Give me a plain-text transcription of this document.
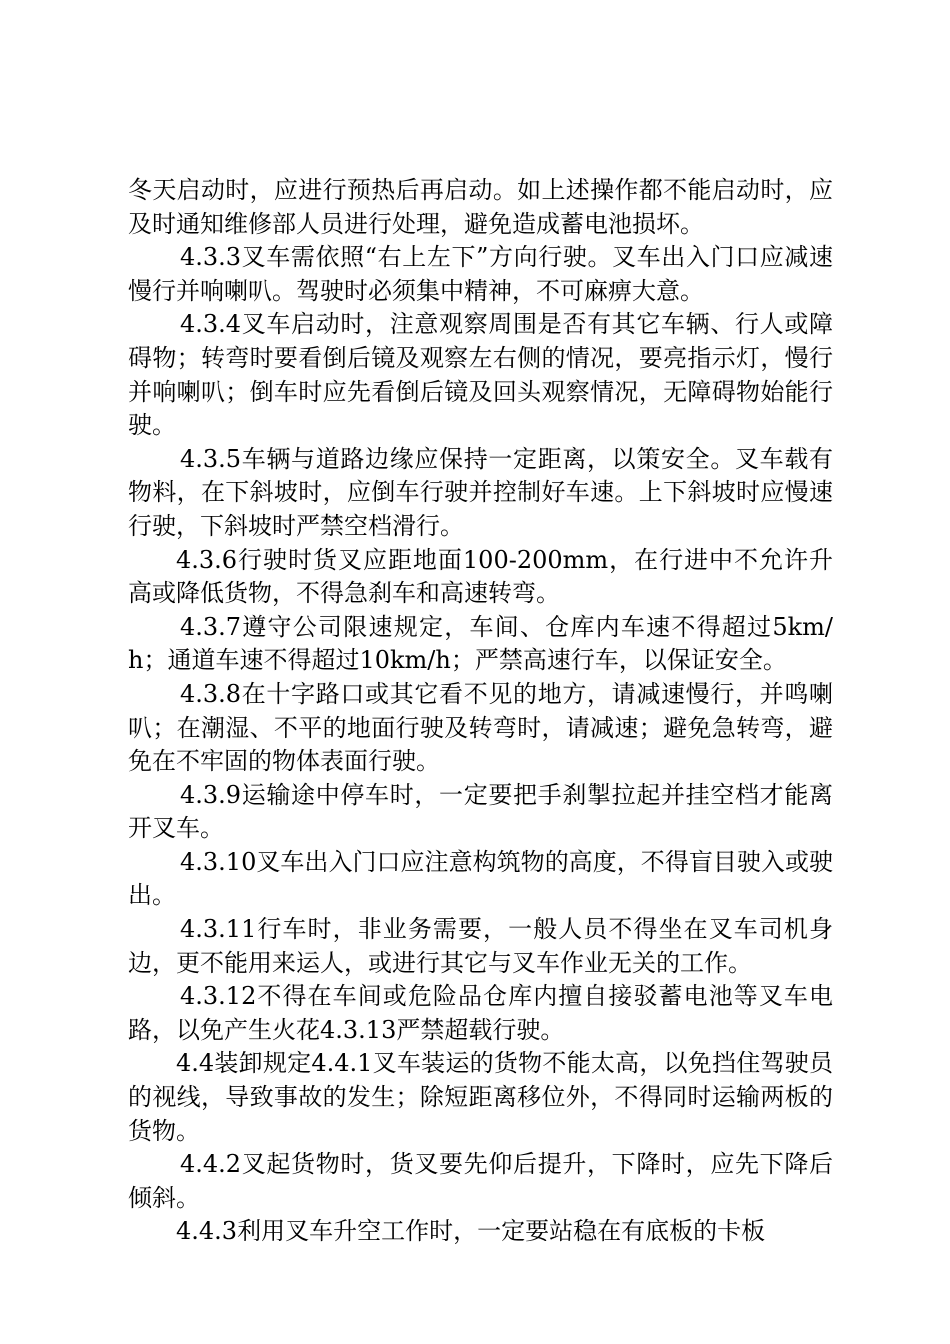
冬天启动时，应进行预热后再启动。如上述操作都不能启动时，应及时通知维修部人员进行处理，避免造成蓄电池损坏。

4.3.3叉车需依照“右上左下”方向行驶。叉车出入门口应减速慢行并响喇叭。驾驶时必须集中精神，不可麻痹大意。

4.3.4叉车启动时，注意观察周围是否有其它车辆、行人或障碍物；转弯时要看倒后镜及观察左右侧的情况，要亮指示灯，慢行并响喇叭；倒车时应先看倒后镜及回头观察情况，无障碍物始能行驶。

4.3.5车辆与道路边缘应保持一定距离，以策安全。叉车载有物料，在下斜坡时，应倒车行驶并控制好车速。上下斜坡时应慢速行驶，下斜坡时严禁空档滑行。

4.3.6行驶时货叉应距地面100-200mm，在行进中不允许升高或降低货物，不得急刹车和高速转弯。

4.3.7遵守公司限速规定，车间、仓库内车速不得超过5km/h；通道车速不得超过10km/h；严禁高速行车，以保证安全。

4.3.8在十字路口或其它看不见的地方，请减速慢行，并鸣喇叭；在潮湿、不平的地面行驶及转弯时，请减速；避免急转弯，避免在不牢固的物体表面行驶。

4.3.9运输途中停车时，一定要把手刹掣拉起并挂空档才能离开叉车。

4.3.10叉车出入门口应注意构筑物的高度，不得盲目驶入或驶出。

4.3.11行车时，非业务需要，一般人员不得坐在叉车司机身边，更不能用来运人，或进行其它与叉车作业无关的工作。

4.3.12不得在车间或危险品仓库内擅自接驳蓄电池等叉车电路，以免产生火花4.3.13严禁超载行驶。

4.4装卸规定4.4.1叉车装运的货物不能太高，以免挡住驾驶员的视线，导致事故的发生；除短距离移位外，不得同时运输两板的货物。

4.4.2叉起货物时，货叉要先仰后提升，下降时，应先下降后倾斜。

4.4.3利用叉车升空工作时，一定要站稳在有底板的卡板
